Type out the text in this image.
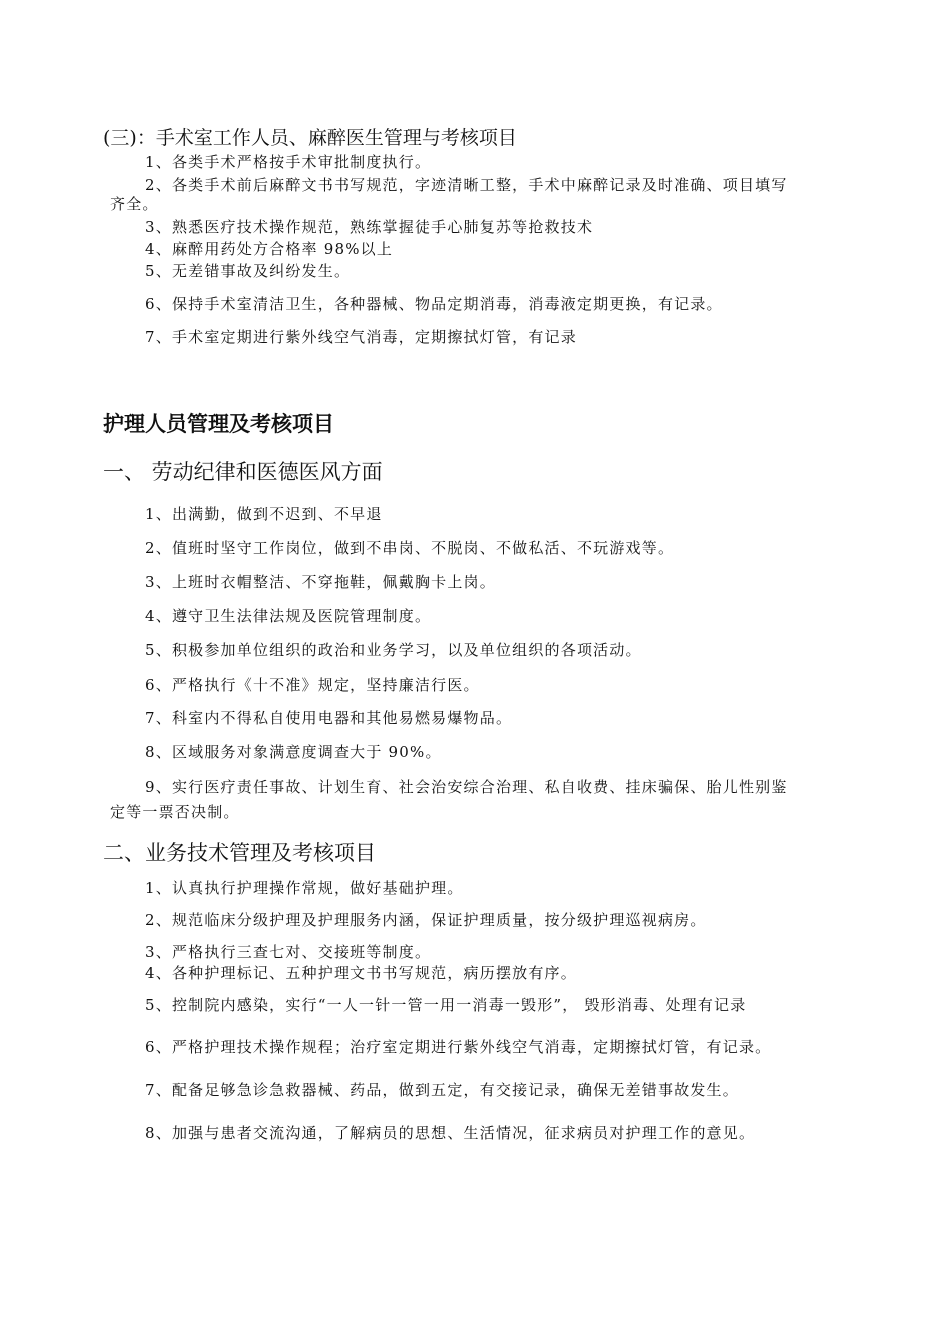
(三)：手术室工作人员、麻醉医生管理与考核项目
1、各类手术严格按手术审批制度执行。
2、各类手术前后麻醉文书书写规范，字迹清晰工整，手术中麻醉记录及时准确、项目填写
齐全。
3、熟悉医疗技术操作规范，熟练掌握徒手心肺复苏等抢救技术
4、麻醉用药处方合格率 98%以上
5、无差错事故及纠纷发生。
6、保持手术室清洁卫生，各种器械、物品定期消毒，消毒液定期更换，有记录。
7、手术室定期进行紫外线空气消毒，定期擦拭灯管，有记录
护理人员管理及考核项目
一、 劳动纪律和医德医风方面
1、出满勤，做到不迟到、不早退
2、值班时坚守工作岗位，做到不串岗、不脱岗、不做私活、不玩游戏等。
3、上班时衣帽整洁、不穿拖鞋，佩戴胸卡上岗。
4、遵守卫生法律法规及医院管理制度。
5、积极参加单位组织的政治和业务学习，以及单位组织的各项活动。
6、严格执行《十不准》规定，坚持廉洁行医。
7、科室内不得私自使用电器和其他易燃易爆物品。
8、区域服务对象满意度调查大于 90%。
9、实行医疗责任事故、计划生育、社会治安综合治理、私自收费、挂床骗保、胎儿性别鉴
定等一票否决制。
二、业务技术管理及考核项目
1、认真执行护理操作常规，做好基础护理。
2、规范临床分级护理及护理服务内涵，保证护理质量，按分级护理巡视病房。
3、严格执行三查七对、交接班等制度。
4、各种护理标记、五种护理文书书写规范，病历摆放有序。
5、控制院内感染，实行“一人一针一管一用一消毒一毁形”， 毁形消毒、处理有记录
6、严格护理技术操作规程；治疗室定期进行紫外线空气消毒，定期擦拭灯管，有记录。
7、配备足够急诊急救器械、药品，做到五定，有交接记录，确保无差错事故发生。
8、加强与患者交流沟通，了解病员的思想、生活情况，征求病员对护理工作的意见。
